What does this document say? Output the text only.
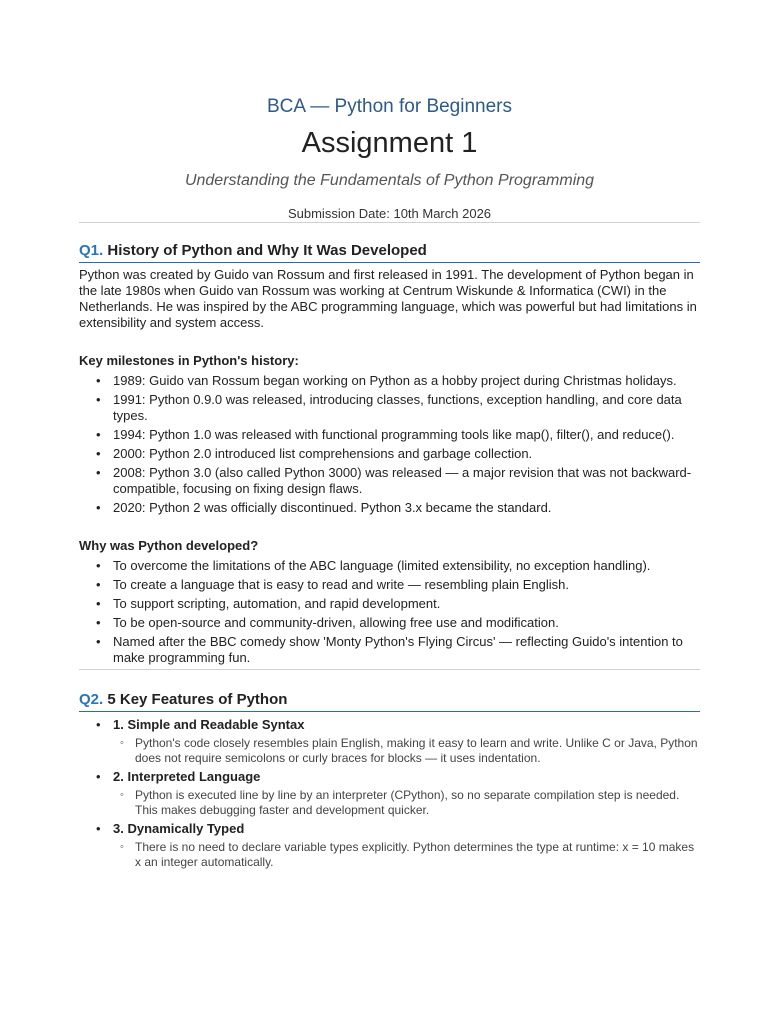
BCA — Python for Beginners

Assignment 1

Understanding the Fundamentals of Python Programming

Submission Date: 10th March 2026

Q1. History of Python and Why It Was Developed

Python was created by Guido van Rossum and first released in 1991. The development of Python began in the late 1980s when Guido van Rossum was working at Centrum Wiskunde & Informatica (CWI) in the Netherlands. He was inspired by the ABC programming language, which was powerful but had limitations in extensibility and system access.

Key milestones in Python's history:

• 1989: Guido van Rossum began working on Python as a hobby project during Christmas holidays.
• 1991: Python 0.9.0 was released, introducing classes, functions, exception handling, and core data types.
• 1994: Python 1.0 was released with functional programming tools like map(), filter(), and reduce().
• 2000: Python 2.0 introduced list comprehensions and garbage collection.
• 2008: Python 3.0 (also called Python 3000) was released — a major revision that was not backward-compatible, focusing on fixing design flaws.
• 2020: Python 2 was officially discontinued. Python 3.x became the standard.

Why was Python developed?

• To overcome the limitations of the ABC language (limited extensibility, no exception handling).
• To create a language that is easy to read and write — resembling plain English.
• To support scripting, automation, and rapid development.
• To be open-source and community-driven, allowing free use and modification.
• Named after the BBC comedy show 'Monty Python's Flying Circus' — reflecting Guido's intention to make programming fun.
Q2. 5 Key Features of Python
• 1. Simple and Readable Syntax
◦ Python's code closely resembles plain English, making it easy to learn and write. Unlike C or Java, Python does not require semicolons or curly braces for blocks — it uses indentation.
• 2. Interpreted Language
◦ Python is executed line by line by an interpreter (CPython), so no separate compilation step is needed. This makes debugging faster and development quicker.
• 3. Dynamically Typed
◦ There is no need to declare variable types explicitly. Python determines the type at runtime: x = 10 makes x an integer automatically.
